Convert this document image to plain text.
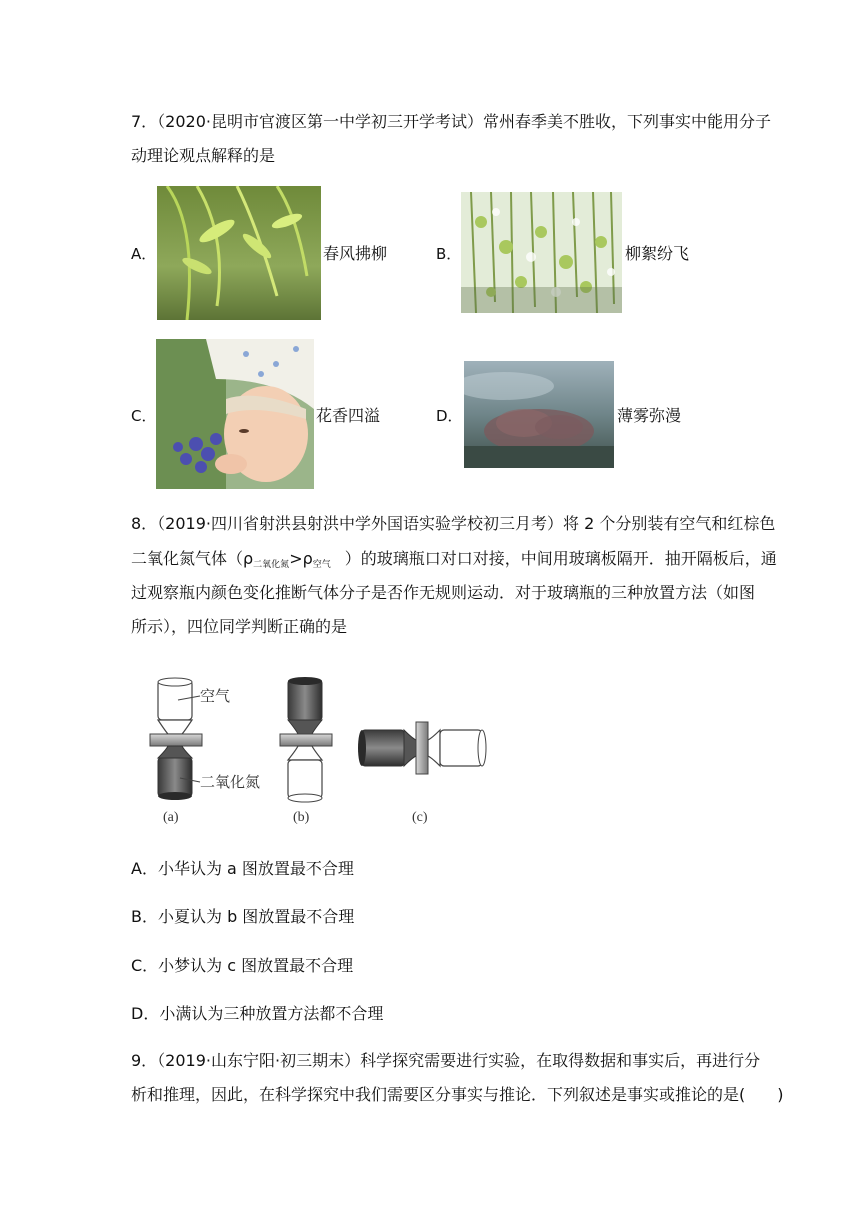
7．（2020·昆明市官渡区第一中学初三开学考试）常州春季美不胜收，下列事实中能用分子
动理论观点解释的是
A．	春风拂柳	B．	柳絮纷飞
C．	花香四溢	D．	薄雾弥漫
8．（2019·四川省射洪县射洪中学外国语实验学校初三月考）将 2 个分别装有空气和红棕色
二氧化氮气体（$\rho_{二氧化氮}>\rho_{空气}$ ）的玻璃瓶口对口对接，中间用玻璃板隔开．抽开隔板后，通
过观察瓶内颜色变化推断气体分子是否作无规则运动．对于玻璃瓶的三种放置方法（如图
所示），四位同学判断正确的是
(a)
空气
二氧化氮
(b)	(c)
A．小华认为 a 图放置最不合理
B．小夏认为 b 图放置最不合理
C．小梦认为 c 图放置最不合理
D．小满认为三种放置方法都不合理
9．（2019·山东宁阳·初三期末）科学探究需要进行实验，在取得数据和事实后，再进行分
析和推理，因此，在科学探究中我们需要区分事实与推论．下列叙述是事实或推论的是(　　)
